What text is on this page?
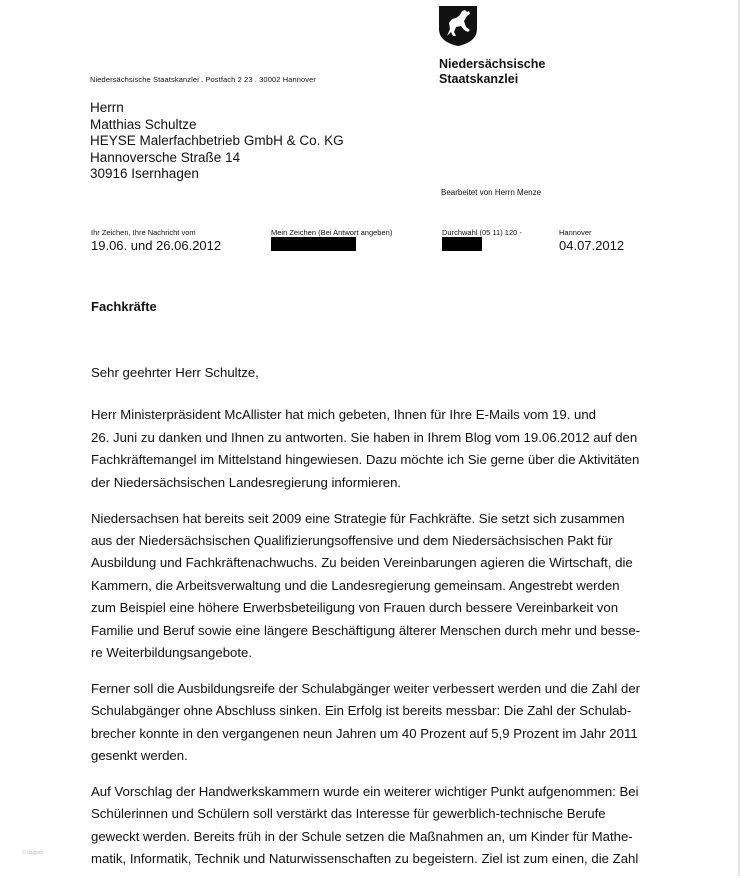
Niedersächsische
Staatskanzlei
Niedersächsische Staatskanzlei . Postfach 2 23 . 30002 Hannover
Herrn
Matthias Schultze
HEYSE Malerfachbetrieb GmbH & Co. KG
Hannoversche Straße 14
30916 Isernhagen
Bearbeitet von Herrn Menze
Ihr Zeichen, Ihre Nachricht vom
19.06. und 26.06.2012
Mein Zeichen (Bei Antwort angeben)	Durchwahl (05 11) 120 -	Hannover
04.07.2012
Fachkräfte

Sehr geehrter Herr Schultze,

Herr Ministerpräsident McAllister hat mich gebeten, Ihnen für Ihre E-Mails vom 19. und
26. Juni zu danken und Ihnen zu antworten. Sie haben in Ihrem Blog vom 19.06.2012 auf den
Fachkräftemangel im Mittelstand hingewiesen. Dazu möchte ich Sie gerne über die Aktivitäten
der Niedersächsischen Landesregierung informieren.

Niedersachsen hat bereits seit 2009 eine Strategie für Fachkräfte. Sie setzt sich zusammen
aus der Niedersächsischen Qualifizierungsoffensive und dem Niedersächsischen Pakt für
Ausbildung und Fachkräftenachwuchs. Zu beiden Vereinbarungen agieren die Wirtschaft, die
Kammern, die Arbeitsverwaltung und die Landesregierung gemeinsam. Angestrebt werden
zum Beispiel eine höhere Erwerbsbeteiligung von Frauen durch bessere Vereinbarkeit von
Familie und Beruf sowie eine längere Beschäftigung älterer Menschen durch mehr und besse-
re Weiterbildungsangebote.

Ferner soll die Ausbildungsreife der Schulabgänger weiter verbessert werden und die Zahl der
Schulabgänger ohne Abschluss sinken. Ein Erfolg ist bereits messbar: Die Zahl der Schulab-
brecher konnte in den vergangenen neun Jahren um 40 Prozent auf 5,9 Prozent im Jahr 2011
gesenkt werden.

Auf Vorschlag der Handwerkskammern wurde ein weiterer wichtiger Punkt aufgenommen: Bei
Schülerinnen und Schülern soll verstärkt das Interesse für gewerblich-technische Berufe
geweckt werden. Bereits früh in der Schule setzen die Maßnahmen an, um Kinder für Mathe-
matik, Informatik, Technik und Naturwissenschaften zu begeistern. Ziel ist zum einen, die Zahl

© daigom
